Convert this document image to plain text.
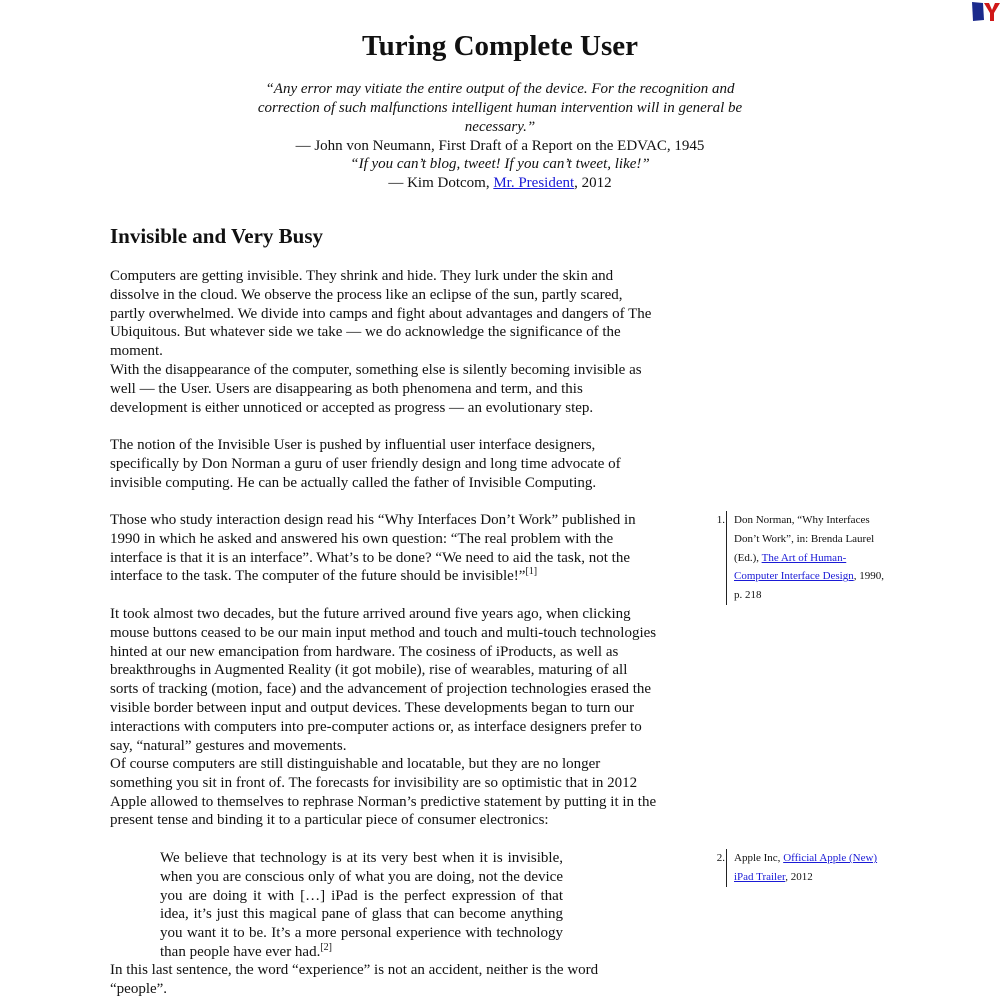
Turing Complete User
“Any error may vitiate the entire output of the device. For the recognition and correction of such malfunctions intelligent human intervention will in general be necessary.”
— John von Neumann, First Draft of a Report on the EDVAC, 1945
“If you can’t blog, tweet! If you can’t tweet, like!”
— Kim Dotcom, Mr. President, 2012
Invisible and Very Busy

Computers are getting invisible. They shrink and hide. They lurk under the skin and dissolve in the cloud. We observe the process like an eclipse of the sun, partly scared, partly overwhelmed. We divide into camps and fight about advantages and dangers of The Ubiquitous. But whatever side we take — we do acknowledge the significance of the moment.

With the disappearance of the computer, something else is silently becoming invisible as well — the User. Users are disappearing as both phenomena and term, and this development is either unnoticed or accepted as progress — an evolutionary step.

The notion of the Invisible User is pushed by influential user interface designers, specifically by Don Norman a guru of user friendly design and long time advocate of invisible computing. He can be actually called the father of Invisible Computing.

Those who study interaction design read his “Why Interfaces Don’t Work” published in 1990 in which he asked and answered his own question: “The real problem with the interface is that it is an interface”. What’s to be done? “We need to aid the task, not the interface to the task. The computer of the future should be invisible!”[1]

It took almost two decades, but the future arrived around five years ago, when clicking mouse buttons ceased to be our main input method and touch and multi-touch technologies hinted at our new emancipation from hardware. The cosiness of iProducts, as well as breakthroughs in Augmented Reality (it got mobile), rise of wearables, maturing of all sorts of tracking (motion, face) and the advancement of projection technologies erased the visible border between input and output devices. These developments began to turn our interactions with computers into pre-computer actions or, as interface designers prefer to say, “natural” gestures and movements.

Of course computers are still distinguishable and locatable, but they are no longer something you sit in front of. The forecasts for invisibility are so optimistic that in 2012 Apple allowed to themselves to rephrase Norman’s predictive statement by putting it in the present tense and binding it to a particular piece of consumer electronics:

We believe that technology is at its very best when it is invisible, when you are conscious only of what you are doing, not the device you are doing it with […] iPad is the perfect expression of that idea, it’s just this magical pane of glass that can become anything you want it to be. It’s a more personal experience with technology than people have ever had.[2]

In this last sentence, the word “experience” is not an accident, neither is the word “people”.

1. Don Norman, “Why Interfaces Don’t Work”, in: Brenda Laurel (Ed.), The Art of Human-Computer Interface Design, 1990, p. 218
2. Apple Inc, Official Apple (New) iPad Trailer, 2012
